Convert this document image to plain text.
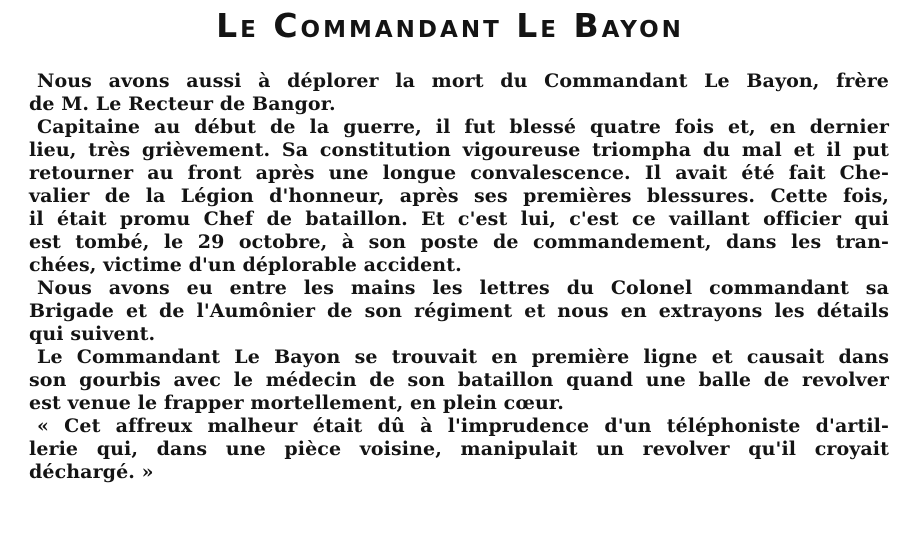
Le Commandant Le Bayon
Nous avons aussi à déplorer la mort du Commandant Le Bayon, frère
de M. Le Recteur de Bangor.
Capitaine au début de la guerre, il fut blessé quatre fois et, en dernier
lieu, très grièvement. Sa constitution vigoureuse triompha du mal et il put
retourner au front après une longue convalescence. Il avait été fait Che-
valier de la Légion d'honneur, après ses premières blessures. Cette fois,
il était promu Chef de bataillon. Et c'est lui, c'est ce vaillant officier qui
est tombé, le 29 octobre, à son poste de commandement, dans les tran-
chées, victime d'un déplorable accident.
Nous avons eu entre les mains les lettres du Colonel commandant sa
Brigade et de l'Aumônier de son régiment et nous en extrayons les détails
qui suivent.
Le Commandant Le Bayon se trouvait en première ligne et causait dans
son gourbis avec le médecin de son bataillon quand une balle de revolver
est venue le frapper mortellement, en plein cœur.
« Cet affreux malheur était dû à l'imprudence d'un téléphoniste d'artil-
lerie qui, dans une pièce voisine, manipulait un revolver qu'il croyait
déchargé. »
